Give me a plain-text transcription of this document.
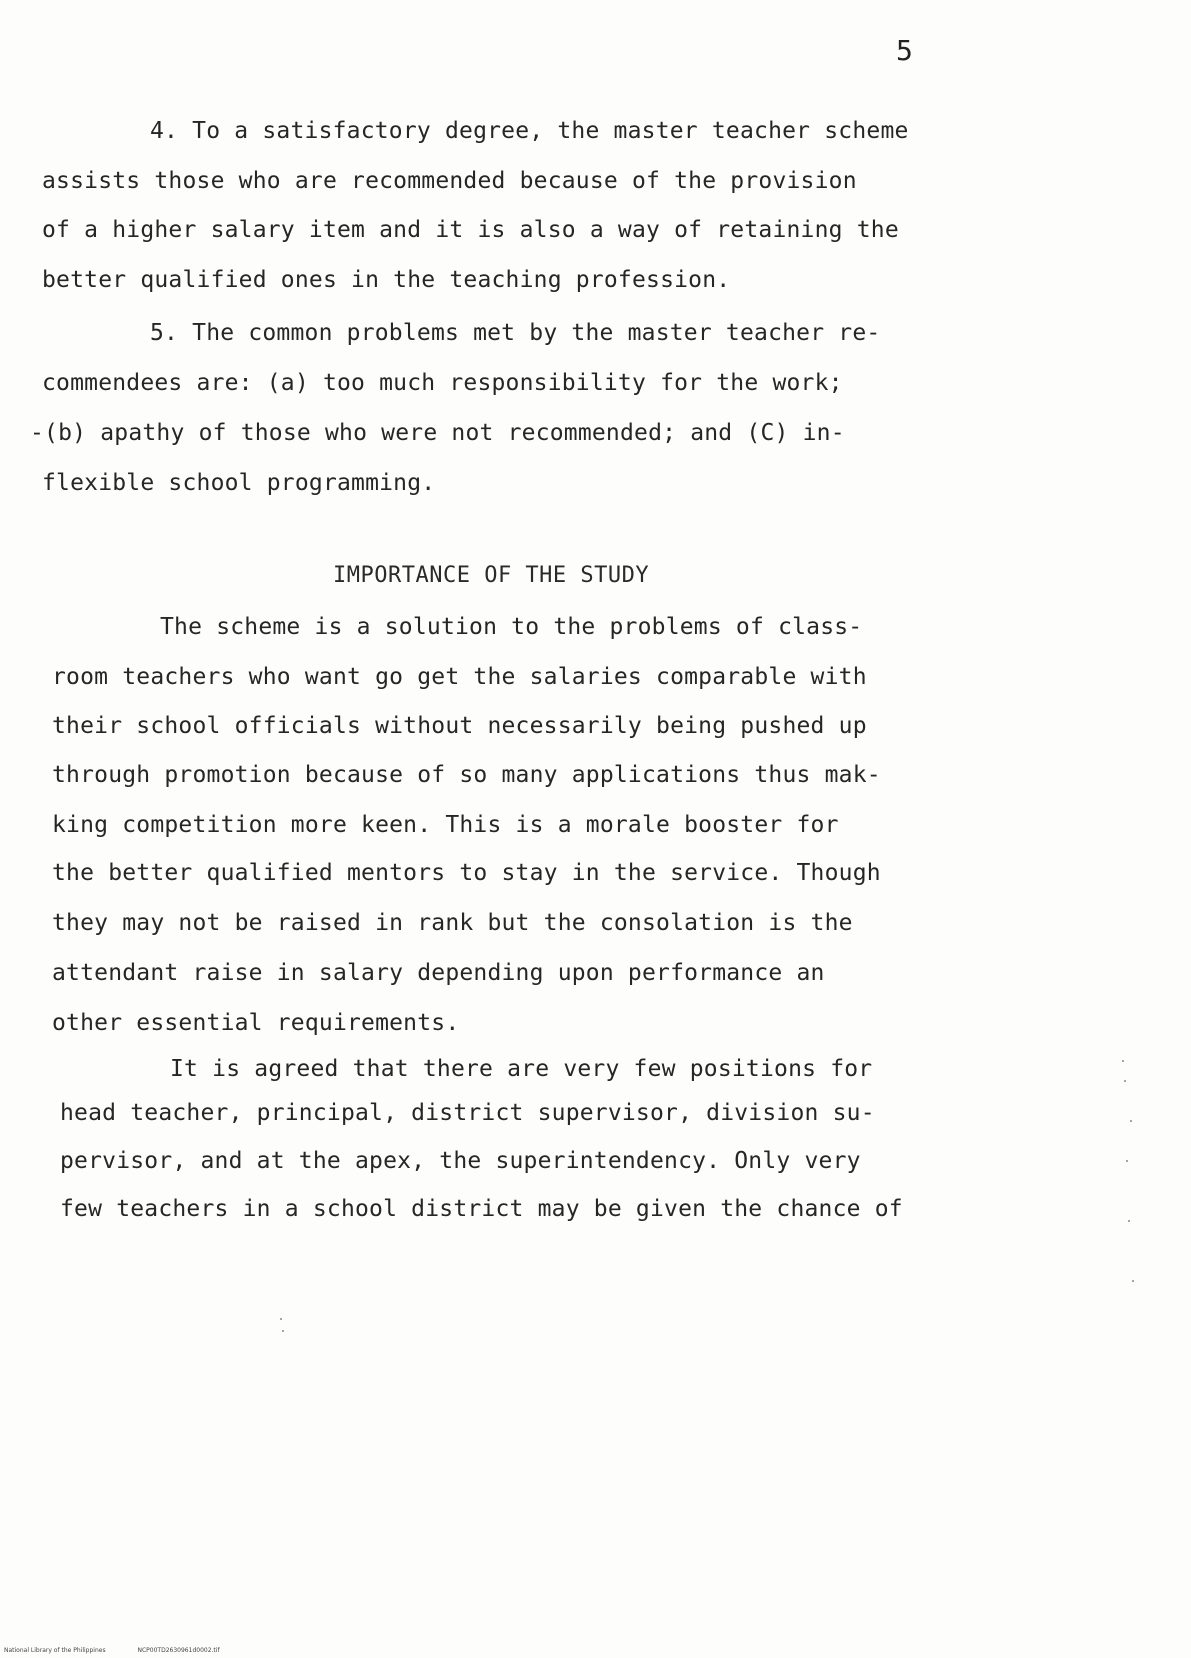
5
4. To a satisfactory degree, the master teacher scheme
assists those who are recommended because of the provision
of a higher salary item and it is also a way of retaining the
better qualified ones in the teaching profession.
5. The common problems met by the master teacher re-
commendees are: (a) too much responsibility for the work;
-(b) apathy of those who were not recommended; and (C) in-
flexible school programming.
IMPORTANCE OF THE STUDY
The scheme is a solution to the problems of class-
room teachers who want go get the salaries comparable with
their school officials without necessarily being pushed up
through promotion because of so many applications thus mak-
king competition more keen. This is a morale booster for
the better qualified mentors to stay in the service. Though
they may not be raised in rank but the consolation is the
attendant raise in salary depending upon performance an
other essential requirements.
It is agreed that there are very few positions for
head teacher, principal, district supervisor, division su-
pervisor, and at the apex, the superintendency. Only very
few teachers in a school district may be given the chance of
National Library of the Philippines	NCP00TD2630961d0002.tif
